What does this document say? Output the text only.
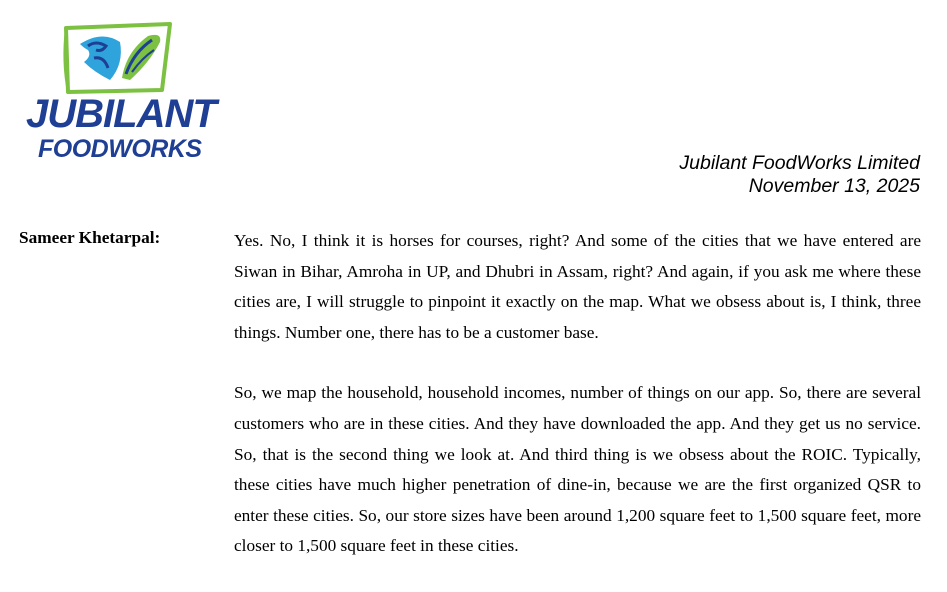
JUBILANT
FOODWORKS	Jubilant FoodWorks Limited
November 13, 2025
Sameer Khetarpal:	Yes. No, I think it is horses for courses, right? And some of the cities that we have entered are Siwan in Bihar, Amroha in UP, and Dhubri in Assam, right? And again, if you ask me where these cities are, I will struggle to pinpoint it exactly on the map. What we obsess about is, I think, three things. Number one, there has to be a customer base.

So, we map the household, household incomes, number of things on our app. So, there are several customers who are in these cities. And they have downloaded the app. And they get us no service. So, that is the second thing we look at. And third thing is we obsess about the ROIC. Typically, these cities have much higher penetration of dine-in, because we are the first organized QSR to enter these cities. So, our store sizes have been around 1,200 square feet to 1,500 square feet, more closer to 1,500 square feet in these cities.
